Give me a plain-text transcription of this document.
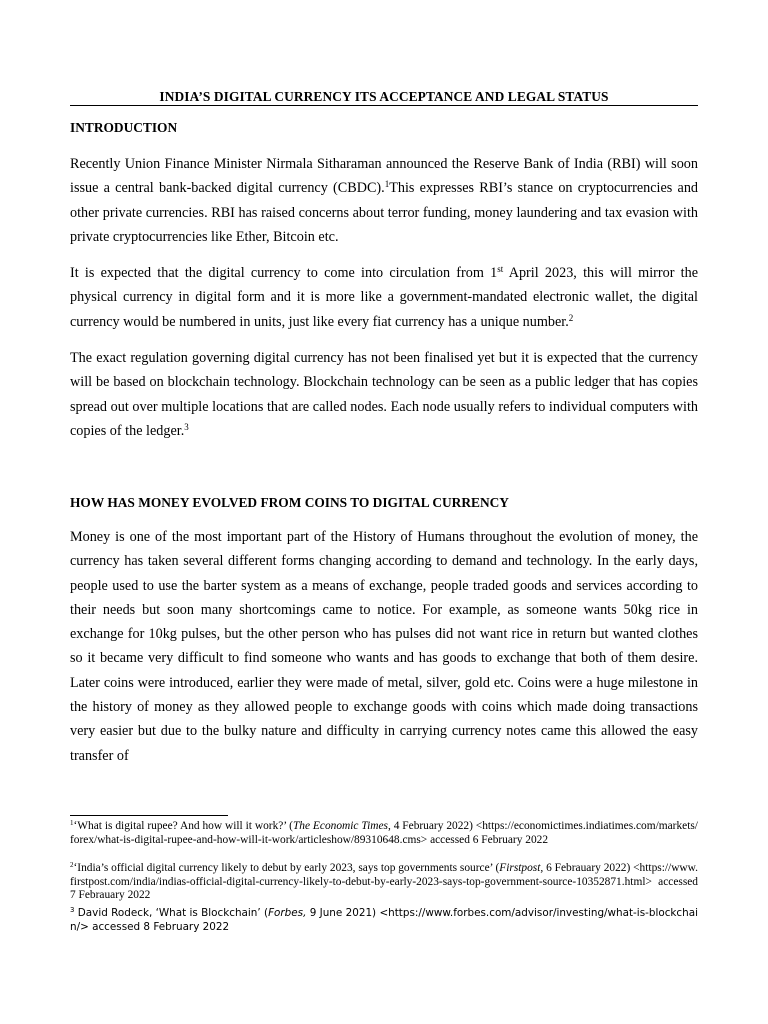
INDIA’S DIGITAL CURRENCY ITS ACCEPTANCE AND LEGAL STATUS
INTRODUCTION
Recently Union Finance Minister Nirmala Sitharaman announced the Reserve Bank of India (RBI) will soon issue a central bank-backed digital currency (CBDC).$^1$This expresses RBI’s stance on cryptocurrencies and other private currencies. RBI has raised concerns about terror funding, money laundering and tax evasion with private cryptocurrencies like Ether, Bitcoin etc.
It is expected that the digital currency to come into circulation from 1st April 2023, this will mirror the physical currency in digital form and it is more like a government-mandated electronic wallet, the digital currency would be numbered in units, just like every fiat currency has a unique number.$^2$
The exact regulation governing digital currency has not been finalised yet but it is expected that the currency will be based on blockchain technology. Blockchain technology can be seen as a public ledger that has copies spread out over multiple locations that are called nodes. Each node usually refers to individual computers with copies of the ledger.$^3$
HOW HAS MONEY EVOLVED FROM COINS TO DIGITAL CURRENCY
Money is one of the most important part of the History of Humans throughout the evolution of money, the currency has taken several different forms changing according to demand and technology. In the early days, people used to use the barter system as a means of exchange, people traded goods and services according to their needs but soon many shortcomings came to notice. For example, as someone wants 50kg rice in exchange for 10kg pulses, but the other person who has pulses did not want rice in return but wanted clothes so it became very difficult to find someone who wants and has goods to exchange that both of them desire. Later coins were introduced, earlier they were made of metal, silver, gold etc. Coins were a huge milestone in the history of money as they allowed people to exchange goods with coins which made doing transactions very easier but due to the bulky nature and difficulty in carrying currency notes came this allowed the easy transfer of
$^1$‘What is digital rupee? And how will it work?’ (The Economic Times, 4 February 2022) <https://economictimes.indiatimes.com/markets/forex/what-is-digital-rupee-and-how-will-it-work/articleshow/89310648.cms> accessed 6 February 2022
$^2$‘India’s official digital currency likely to debut by early 2023, says top governments source’ (Firstpost, 6 Febrauary 2022) <https://www.firstpost.com/india/indias-official-digital-currency-likely-to-debut-by-early-2023-says-top-government-source-10352871.html> accessed 7 Febrauary 2022
$^3$ David Rodeck, ‘What is Blockchain’ (Forbes, 9 June 2021) <https://www.forbes.com/advisor/investing/what-is-blockchain/> accessed 8 February 2022
